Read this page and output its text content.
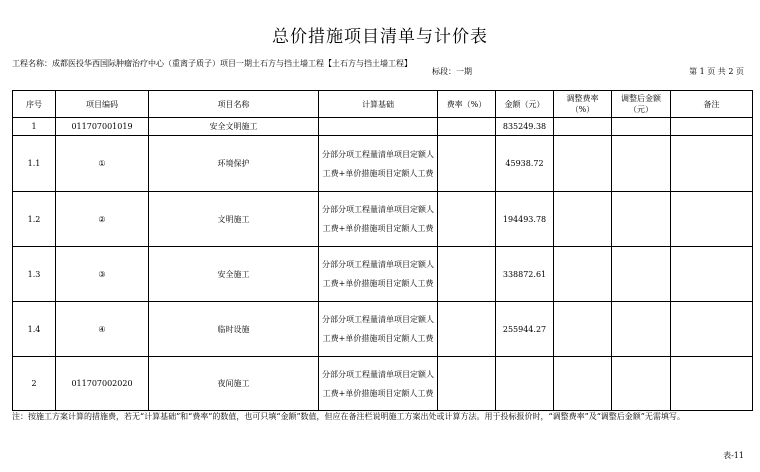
总价措施项目清单与计价表
工程名称：成都医投华西国际肿瘤治疗中心（重离子质子）项目一期土石方与挡土墙工程【土石方与挡土墙工程】
标段：一期	第 1 页 共 2 页
序号	项目编码	项目名称	计算基础	费率（%）	金额（元）	调整费率（%）	调整后金额（元）	备注
1	011707001019	安全文明施工			835249.38			
1.1	①	环境保护	分部分项工程量清单项目定额人工费+单价措施项目定额人工费		45938.72			
1.2	②	文明施工	分部分项工程量清单项目定额人工费+单价措施项目定额人工费		194493.78			
1.3	③	安全施工	分部分项工程量清单项目定额人工费+单价措施项目定额人工费		338872.61			
1.4	④	临时设施	分部分项工程量清单项目定额人工费+单价措施项目定额人工费		255944.27			
2	011707002020	夜间施工	分部分项工程量清单项目定额人工费+单价措施项目定额人工费					
注：按施工方案计算的措施费，若无“计算基础”和“费率”的数值，也可只填“金额”数值，但应在备注栏说明施工方案出处或计算方法。用于投标报价时，“调整费率”及“调整后金额”无需填写。
表-11
